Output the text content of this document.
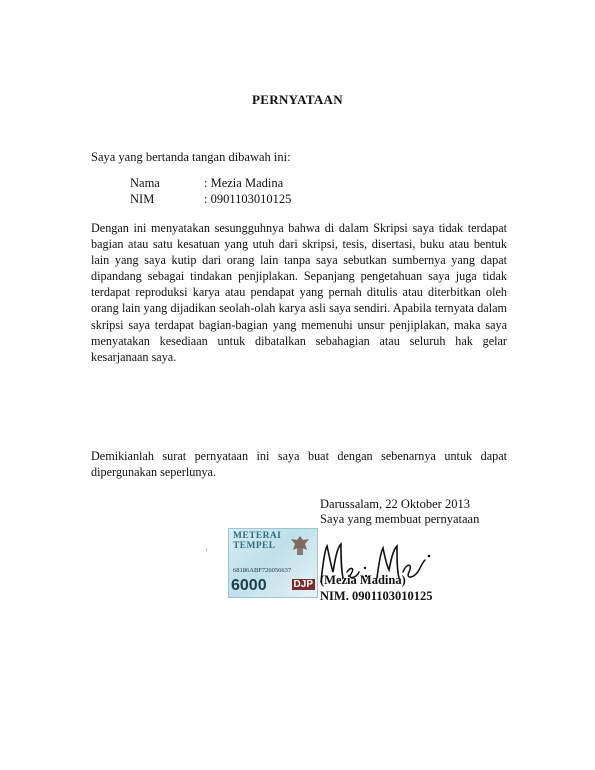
PERNYATAAN
Saya yang bertanda tangan dibawah ini:
Nama	: Mezia Madina
NIM	: 0901103010125

Dengan ini menyatakan sesungguhnya bahwa di dalam Skripsi saya tidak terdapat bagian atau satu kesatuan yang utuh dari skripsi, tesis, disertasi, buku atau bentuk lain yang saya kutip dari orang lain tanpa saya sebutkan sumbernya yang dapat dipandang sebagai tindakan penjiplakan. Sepanjang pengetahuan saya juga tidak terdapat reproduksi karya atau pendapat yang pernah ditulis atau diterbitkan oleh orang lain yang dijadikan seolah-olah karya asli saya sendiri. Apabila ternyata dalam skripsi saya terdapat bagian-bagian yang memenuhi unsur penjiplakan, maka saya menyatakan kesediaan untuk dibatalkan sebahagian atau seluruh hak gelar kesarjanaan saya.

Demikianlah surat pernyataan ini saya buat dengan sebenarnya untuk dapat dipergunakan seperlunya.
Darussalam, 22 Oktober 2013
Saya yang membuat pernyataan
METERAI
TEMPEL
68186ABF726056637
6000	DJP (Mezia Madina)
NIM. 0901103010125
